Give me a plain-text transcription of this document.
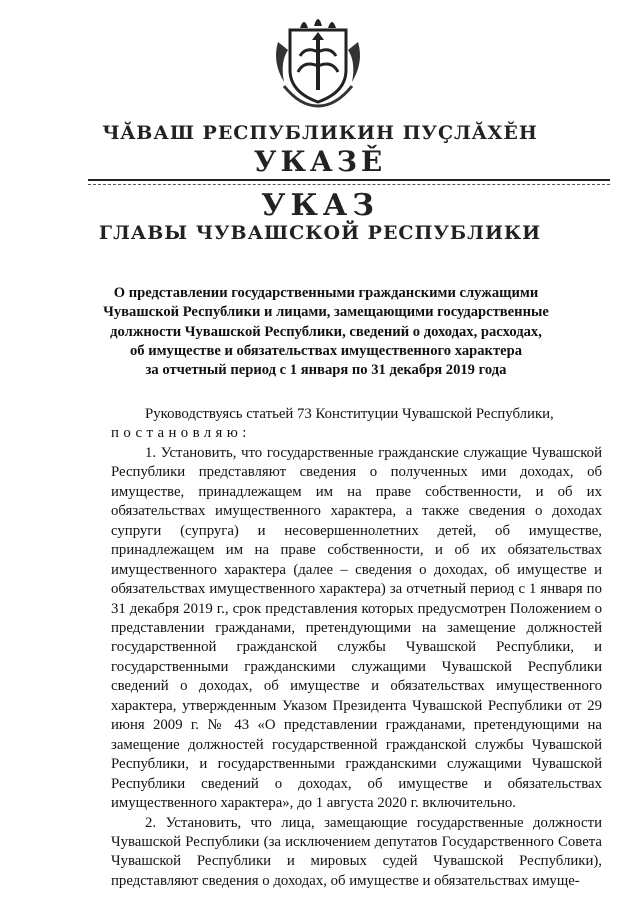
ЧĂВАШ РЕСПУБЛИКИН ПУÇЛĂХĚН
УКАЗĚ
УКАЗ
ГЛАВЫ ЧУВАШСКОЙ РЕСПУБЛИКИ
О представлении государственными гражданскими служащими
Чувашской Республики и лицами, замещающими государственные
должности Чувашской Республики, сведений о доходах, расходах,
об имуществе и обязательствах имущественного характера
за отчетный период с 1 января по 31 декабря 2019 года

Руководствуясь статьей 73 Конституции Чувашской Республики,

постановляю:

1. Установить, что государственные гражданские служащие Чувашской Республики представляют сведения о полученных ими доходах, об имуществе, принадлежащем им на праве собственности, и об их обязательствах имущественного характера, а также сведения о доходах супруги (супруга) и несовершеннолетних детей, об имуществе, принадлежащем им на праве собственности, и об их обязательствах имущественного характера (далее – сведения о доходах, об имуществе и обязательствах имущественного характера) за отчетный период с 1 января по 31 декабря 2019 г., срок представления которых предусмотрен Положением о представлении гражданами, претендующими на замещение должностей государственной гражданской службы Чувашской Республики, и государственными гражданскими служащими Чувашской Республики сведений о доходах, об имуществе и обязательствах имущественного характера, утвержденным Указом Президента Чувашской Республики от 29 июня 2009 г. № 43 «О представлении гражданами, претендующими на замещение должностей государственной гражданской службы Чувашской Республики, и государственными гражданскими служащими Чувашской Республики сведений о доходах, об имуществе и обязательствах имущественного характера», до 1 августа 2020 г. включительно.

2. Установить, что лица, замещающие государственные должности Чувашской Республики (за исключением депутатов Государственного Совета Чувашской Республики и мировых судей Чувашской Республики), представляют сведения о доходах, об имуществе и обязательствах имуще-
